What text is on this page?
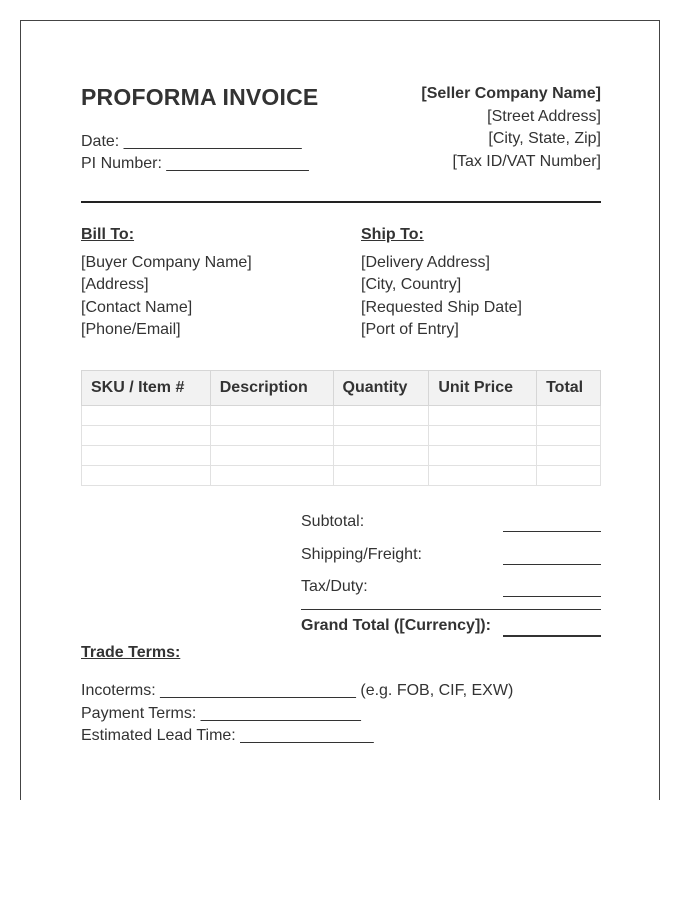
PROFORMA INVOICE
Date: ____________________
PI Number: ________________
[Seller Company Name]
[Street Address]
[City, State, Zip]
[Tax ID/VAT Number]
Bill To:
[Buyer Company Name]
[Address]
[Contact Name]
[Phone/Email]
Ship To:
[Delivery Address]
[City, Country]
[Requested Ship Date]
[Port of Entry]
SKU / Item #	Description	Quantity	Unit Price	Total

Subtotal:
Shipping/Freight:
Tax/Duty:
Grand Total ([Currency]):
Trade Terms:
Incoterms: ______________________ (e.g. FOB, CIF, EXW)
Payment Terms: __________________
Estimated Lead Time: _______________
